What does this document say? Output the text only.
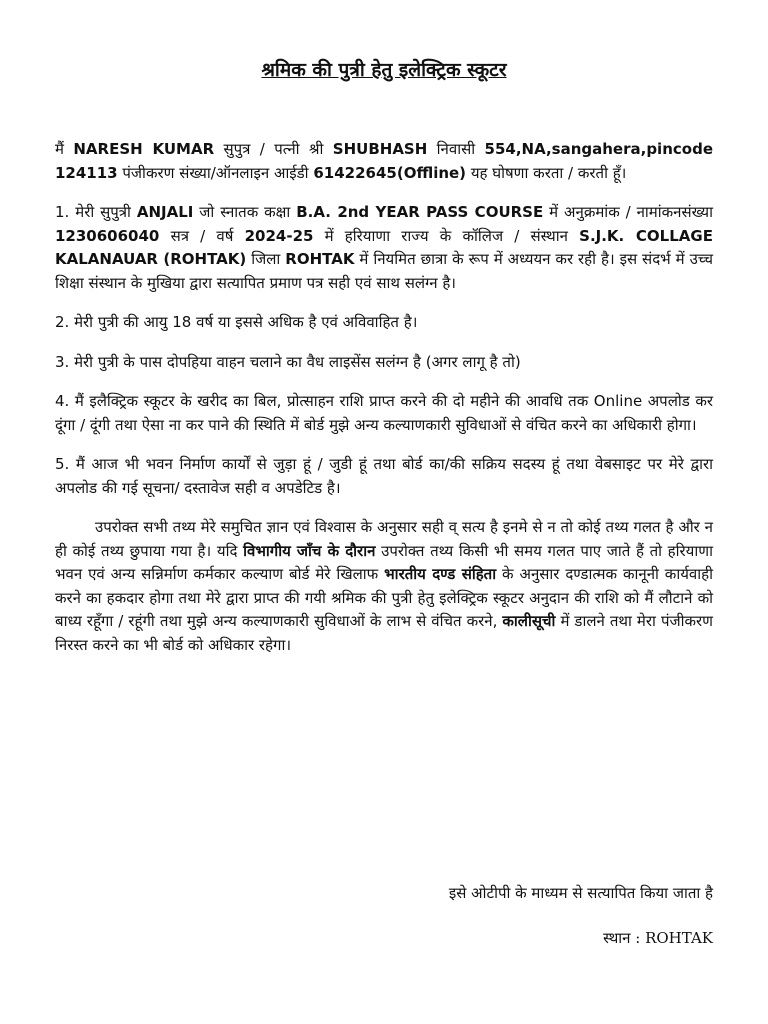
श्रमिक की पुत्री हेतु इलेक्ट्रिक स्कूटर

मैं NARESH KUMAR सुपुत्र / पत्नी श्री SHUBHASH निवासी 554,NA,sangahera,pincode 124113 पंजीकरण संख्या/ऑनलाइन आईडी 61422645(Offline) यह घोषणा करता / करती हूँ।

1. मेरी सुपुत्री ANJALI जो स्नातक कक्षा B.A. 2nd YEAR PASS COURSE में अनुक्रमांक / नामांकनसंख्या 1230606040 सत्र / वर्ष 2024-25 में हरियाणा राज्य के कॉलिज / संस्थान S.J.K. COLLAGE KALANAUAR (ROHTAK) जिला ROHTAK में नियमित छात्रा के रूप में अध्ययन कर रही है। इस संदर्भ में उच्च शिक्षा संस्थान के मुखिया द्वारा सत्यापित प्रमाण पत्र सही एवं साथ सलंग्न है।

2. मेरी पुत्री की आयु 18 वर्ष या इससे अधिक है एवं अविवाहित है।

3. मेरी पुत्री के पास दोपहिया वाहन चलाने का वैध लाइसेंस सलंग्न है (अगर लागू है तो)

4. मैं इलैक्ट्रिक स्कूटर के खरीद का बिल, प्रोत्साहन राशि प्राप्त करने की दो महीने की आवधि तक Online अपलोड कर दूंगा / दूंगी तथा ऐसा ना कर पाने की स्थिति में बोर्ड मुझे अन्य कल्याणकारी सुविधाओं से वंचित करने का अधिकारी होगा।

5. मैं आज भी भवन निर्माण कार्यों से जुड़ा हूं / जुडी हूं तथा बोर्ड का/की सक्रिय सदस्य हूं तथा वेबसाइट पर मेरे द्वारा अपलोड की गई सूचना/ दस्तावेज सही व अपडेटिड है।

उपरोक्त सभी तथ्य मेरे समुचित ज्ञान एवं विश्वास के अनुसार सही व् सत्य है इनमे से न तो कोई तथ्य गलत है और न ही कोई तथ्य छुपाया गया है। यदि विभागीय जाँच के दौरान उपरोक्त तथ्य किसी भी समय गलत पाए जाते हैं तो हरियाणा भवन एवं अन्य सन्निर्माण कर्मकार कल्याण बोर्ड मेरे खिलाफ भारतीय दण्ड संहिता के अनुसार दण्डात्मक कानूनी कार्यवाही करने का हकदार होगा तथा मेरे द्वारा प्राप्त की गयी श्रमिक की पुत्री हेतु इलेक्ट्रिक स्कूटर अनुदान की राशि को मैं लौटाने को बाध्य रहूँगा / रहूंगी तथा मुझे अन्य कल्याणकारी सुविधाओं के लाभ से वंचित करने, कालीसूची में डालने तथा मेरा पंजीकरण निरस्त करने का भी बोर्ड को अधिकार रहेगा।

इसे ओटीपी के माध्यम से सत्यापित किया जाता है
स्थान : ROHTAK
